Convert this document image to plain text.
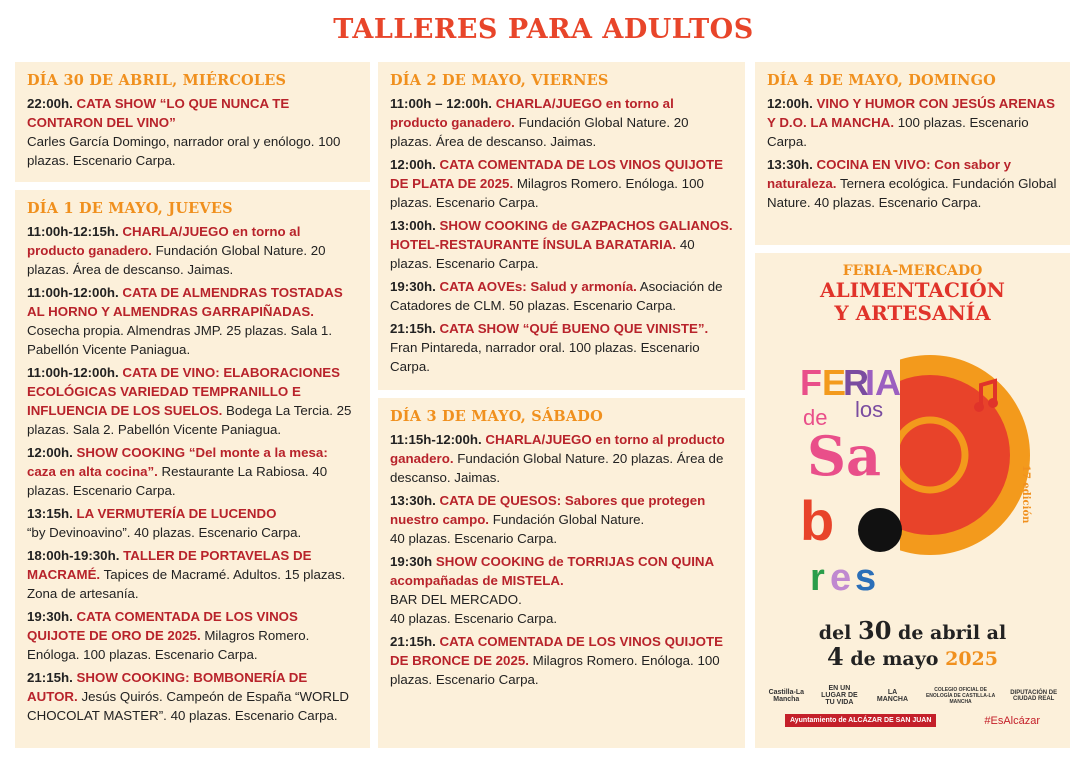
TALLERES PARA ADULTOS
DÍA 30 DE ABRIL, MIÉRCOLES
22:00h. CATA SHOW “LO QUE NUNCA TE CONTARON DEL VINO”
Carles García Domingo, narrador oral y enólogo. 100 plazas. Escenario Carpa.
DÍA 1 DE MAYO, JUEVES
11:00h-12:15h. CHARLA/JUEGO en torno al producto ganadero. Fundación Global Nature. 20 plazas. Área de descanso. Jaimas.
11:00h-12:00h. CATA DE ALMENDRAS TOSTADAS AL HORNO Y ALMENDRAS GARRAPIÑADAS. Cosecha propia. Almendras JMP. 25 plazas. Sala 1. Pabellón Vicente Paniagua.
11:00h-12:00h. CATA DE VINO: ELABORACIONES ECOLÓGICAS VARIEDAD TEMPRANILLO E INFLUENCIA DE LOS SUELOS. Bodega La Tercia. 25 plazas. Sala 2. Pabellón Vicente Paniagua.
12:00h. SHOW COOKING “Del monte a la mesa: caza en alta cocina”. Restaurante La Rabiosa. 40 plazas. Escenario Carpa.
13:15h. LA VERMUTERÍA DE LUCENDO
“by Devinoavino”. 40 plazas. Escenario Carpa.
18:00h-19:30h. TALLER DE PORTAVELAS DE MACRAMÉ. Tapices de Macramé. Adultos. 15 plazas. Zona de artesanía.
19:30h. CATA COMENTADA DE LOS VINOS QUIJOTE DE ORO DE 2025. Milagros Romero. Enóloga. 100 plazas. Escenario Carpa.
21:15h. SHOW COOKING: BOMBONERÍA DE AUTOR. Jesús Quirós. Campeón de España “WORLD CHOCOLAT MASTER”. 40 plazas. Escenario Carpa.
DÍA 2 DE MAYO, VIERNES
11:00h – 12:00h. CHARLA/JUEGO en torno al producto ganadero. Fundación Global Nature. 20 plazas. Área de descanso. Jaimas.
12:00h. CATA COMENTADA DE LOS VINOS QUIJOTE DE PLATA DE 2025. Milagros Romero. Enóloga. 100 plazas. Escenario Carpa.
13:00h. SHOW COOKING de GAZPACHOS GALIANOS. HOTEL-RESTAURANTE ÍNSULA BARATARIA. 40 plazas. Escenario Carpa.
19:30h. CATA AOVEs: Salud y armonía. Asociación de Catadores de CLM. 50 plazas. Escenario Carpa.
21:15h. CATA SHOW “QUÉ BUENO QUE VINISTE”. Fran Pintareda, narrador oral. 100 plazas. Escenario Carpa.
DÍA 3 DE MAYO, SÁBADO
11:15h-12:00h. CHARLA/JUEGO en torno al producto ganadero. Fundación Global Nature. 20 plazas. Área de descanso. Jaimas.
13:30h. CATA DE QUESOS: Sabores que protegen nuestro campo. Fundación Global Nature.
40 plazas. Escenario Carpa.
19:30h SHOW COOKING de TORRIJAS CON QUINA acompañadas de MISTELA.
BAR DEL MERCADO.
40 plazas. Escenario Carpa.
21:15h. CATA COMENTADA DE LOS VINOS QUIJOTE DE BRONCE DE 2025. Milagros Romero. Enóloga. 100 plazas. Escenario Carpa.
DÍA 4 DE MAYO, DOMINGO
12:00h. VINO Y HUMOR CON JESÚS ARENAS Y D.O. LA MANCHA. 100 plazas. Escenario Carpa.
13:30h. COCINA EN VIVO: Con sabor y naturaleza. Ternera ecológica. Fundación Global Nature. 40 plazas. Escenario Carpa.
FERIA-MERCADO
ALIMENTACIÓN
Y ARTESANÍA
F E
R
IA
de los
Sa
b
r e s
17 edición
del 30 de abril al
4 de mayo 2025
Castilla-La Mancha
EN UN LUGAR DE TU VIDA
LA MANCHA
COLEGIO OFICIAL DE ENOLOGÍA DE CASTILLA-LA MANCHA
DIPUTACIÓN DE CIUDAD REAL
Ayuntamiento de ALCÁZAR DE SAN JUAN	#EsAlcázar
